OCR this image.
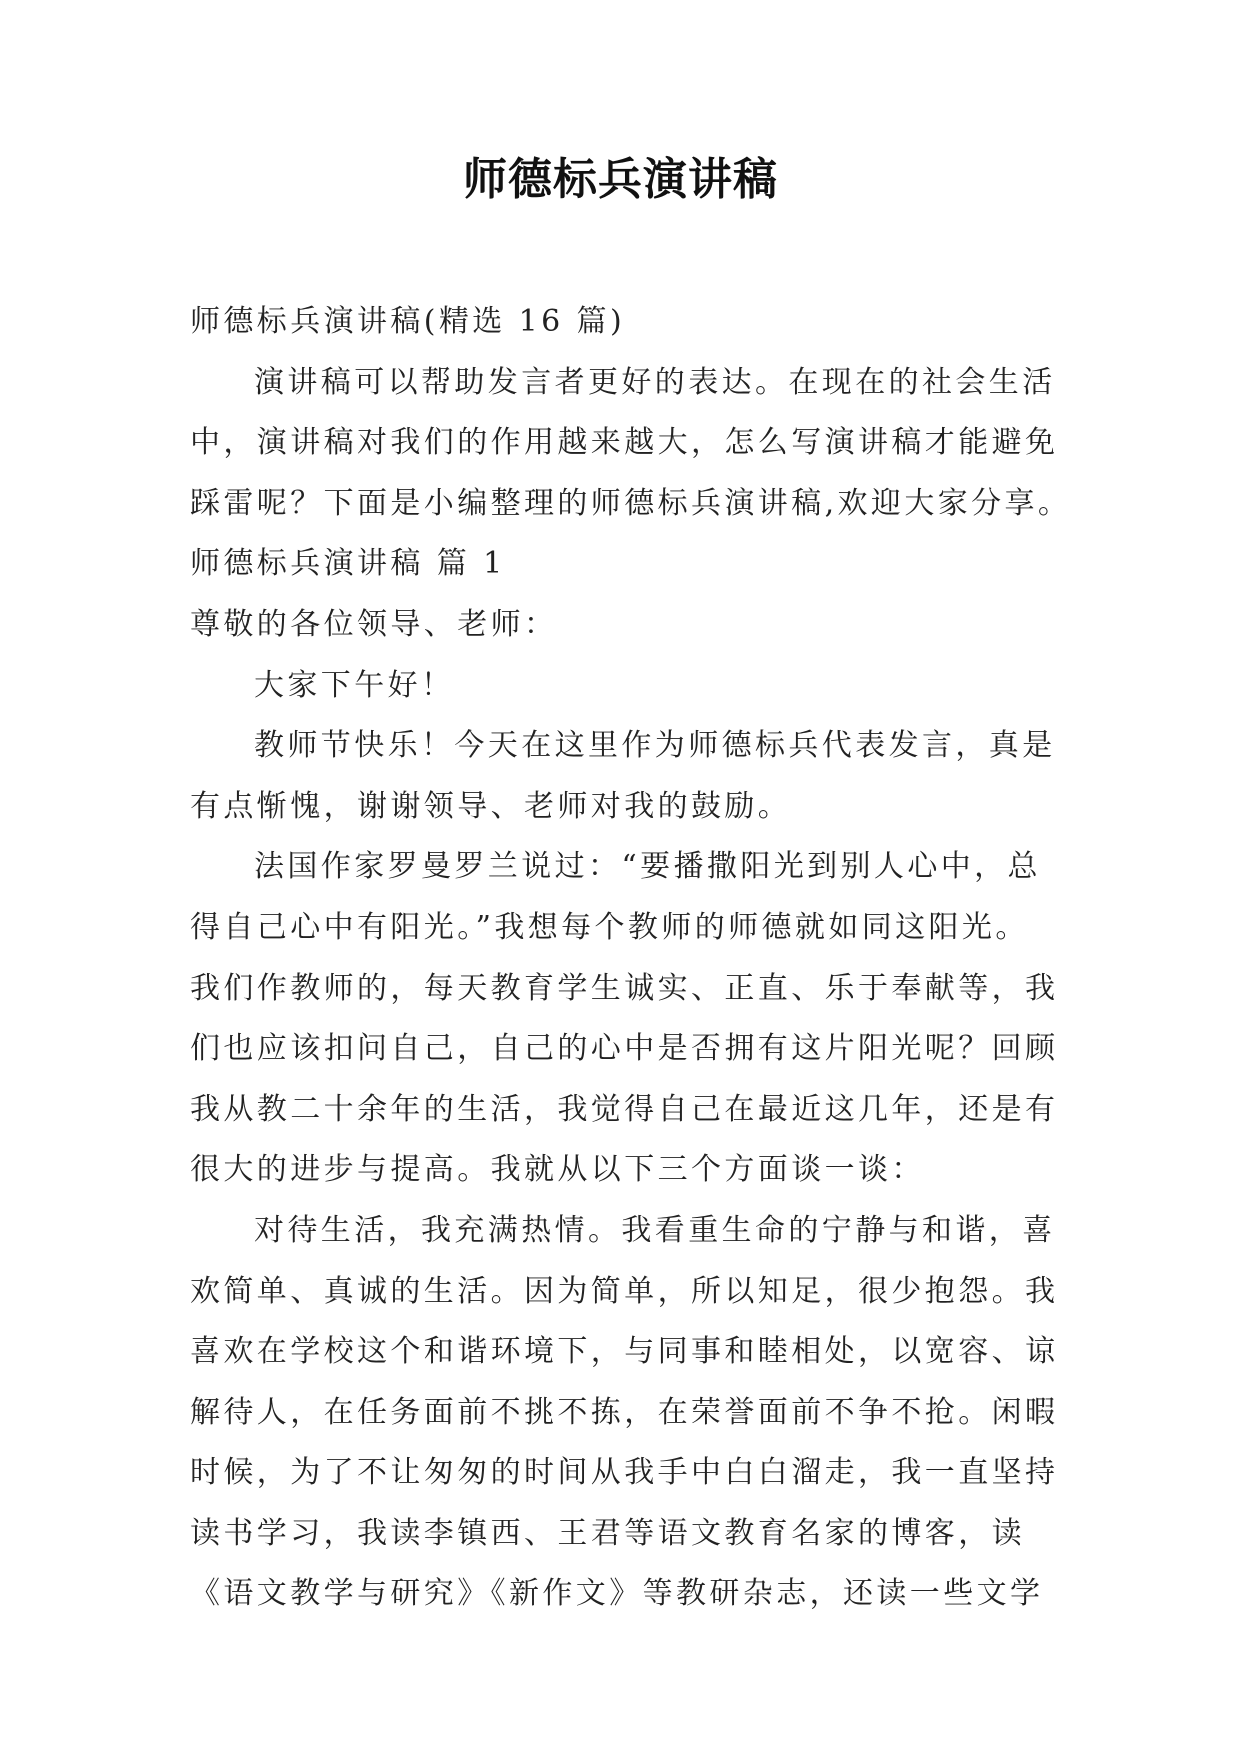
师德标兵演讲稿
师德标兵演讲稿(精选 16 篇)
演讲稿可以帮助发言者更好的表达。在现在的社会生活
中，演讲稿对我们的作用越来越大，怎么写演讲稿才能避免
踩雷呢？下面是小编整理的师德标兵演讲稿,欢迎大家分享。
师德标兵演讲稿 篇 1
尊敬的各位领导、老师：
大家下午好！
教师节快乐！今天在这里作为师德标兵代表发言，真是
有点惭愧，谢谢领导、老师对我的鼓励。
法国作家罗曼罗兰说过：“要播撒阳光到别人心中，总
得自己心中有阳光。”我想每个教师的师德就如同这阳光。
我们作教师的，每天教育学生诚实、正直、乐于奉献等，我
们也应该扣问自己，自己的心中是否拥有这片阳光呢？回顾
我从教二十余年的生活，我觉得自己在最近这几年，还是有
很大的进步与提高。我就从以下三个方面谈一谈：
对待生活，我充满热情。我看重生命的宁静与和谐，喜
欢简单、真诚的生活。因为简单，所以知足，很少抱怨。我
喜欢在学校这个和谐环境下，与同事和睦相处，以宽容、谅
解待人，在任务面前不挑不拣，在荣誉面前不争不抢。闲暇
时候，为了不让匆匆的时间从我手中白白溜走，我一直坚持
读书学习，我读李镇西、王君等语文教育名家的博客，读
《语文教学与研究》《新作文》等教研杂志，还读一些文学
